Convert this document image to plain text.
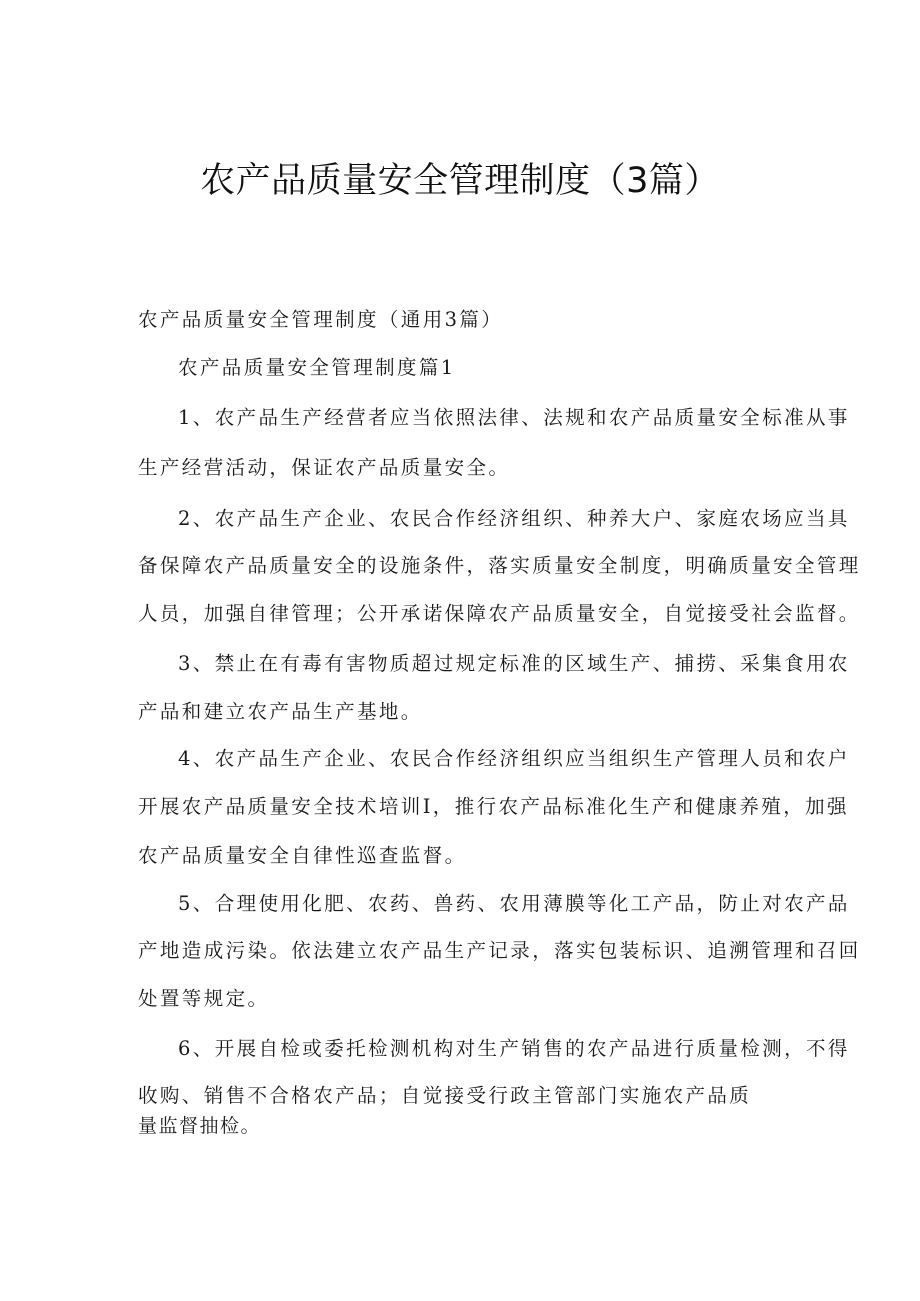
农产品质量安全管理制度（3篇）

农产品质量安全管理制度（通用3篇）

农产品质量安全管理制度篇1

1、农产品生产经营者应当依照法律、法规和农产品质量安全标准从事

生产经营活动，保证农产品质量安全。

2、农产品生产企业、农民合作经济组织、种养大户、家庭农场应当具

备保障农产品质量安全的设施条件，落实质量安全制度，明确质量安全管理

人员，加强自律管理；公开承诺保障农产品质量安全，自觉接受社会监督。

3、禁止在有毒有害物质超过规定标准的区域生产、捕捞、采集食用农

产品和建立农产品生产基地。

4、农产品生产企业、农民合作经济组织应当组织生产管理人员和农户

开展农产品质量安全技术培训I，推行农产品标准化生产和健康养殖，加强

农产品质量安全自律性巡查监督。

5、合理使用化肥、农药、兽药、农用薄膜等化工产品，防止对农产品

产地造成污染。依法建立农产品生产记录，落实包装标识、追溯管理和召回

处置等规定。

6、开展自检或委托检测机构对生产销售的农产品进行质量检测，不得

收购、销售不合格农产品；自觉接受行政主管部门实施农产品质

量监督抽检。
